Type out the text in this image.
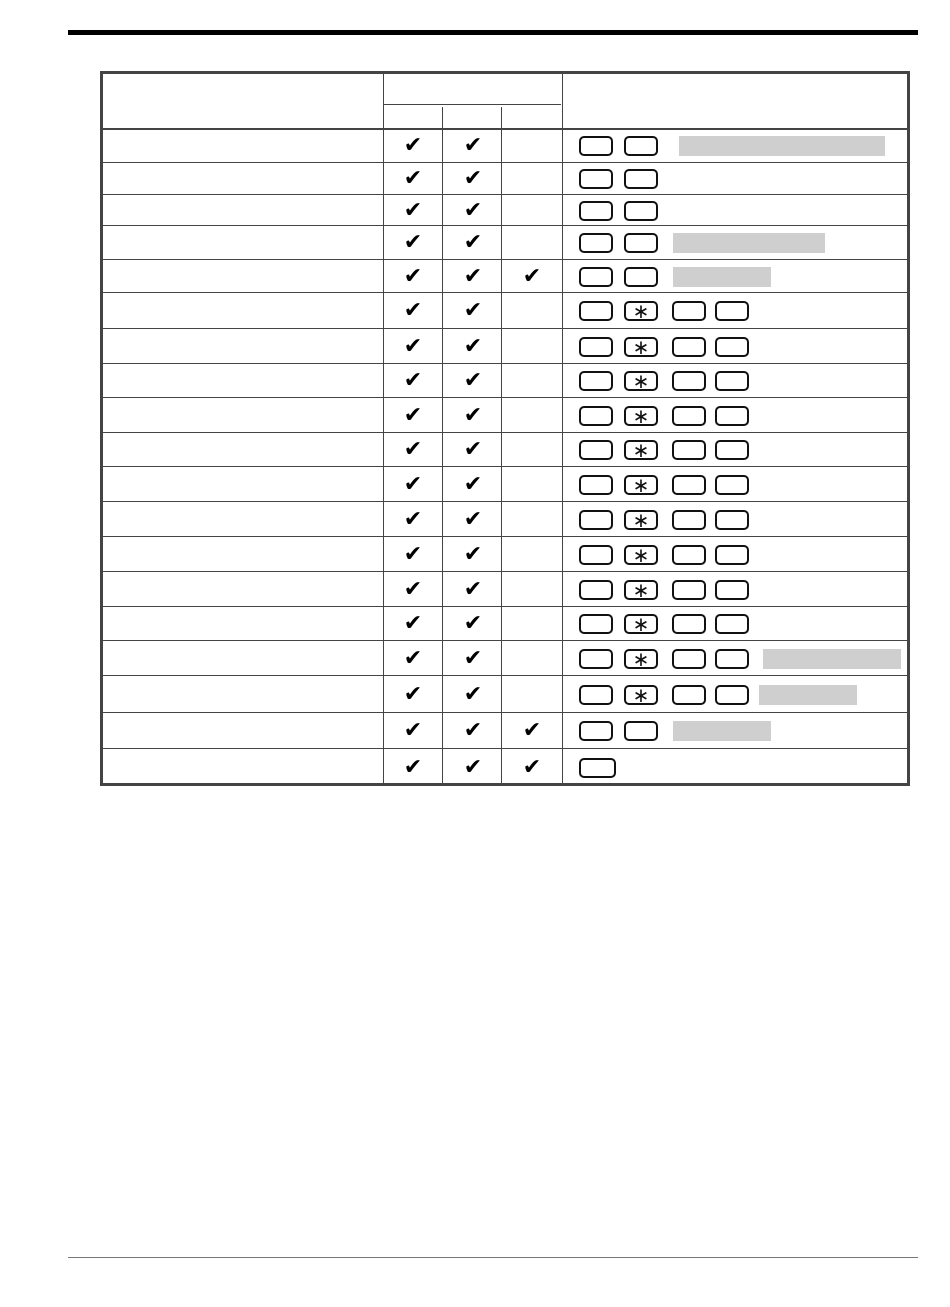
✔ ✔
✔ ✔
✔ ✔
✔ ✔
✔ ✔ ✔
✔ ✔	∗
✔ ✔	∗
✔ ✔	∗
✔ ✔	∗
✔ ✔	∗
✔ ✔	∗
✔ ✔	∗
✔ ✔	∗
✔ ✔	∗
✔ ✔	∗
✔ ✔	∗
✔ ✔	∗
✔ ✔ ✔
✔ ✔ ✔
